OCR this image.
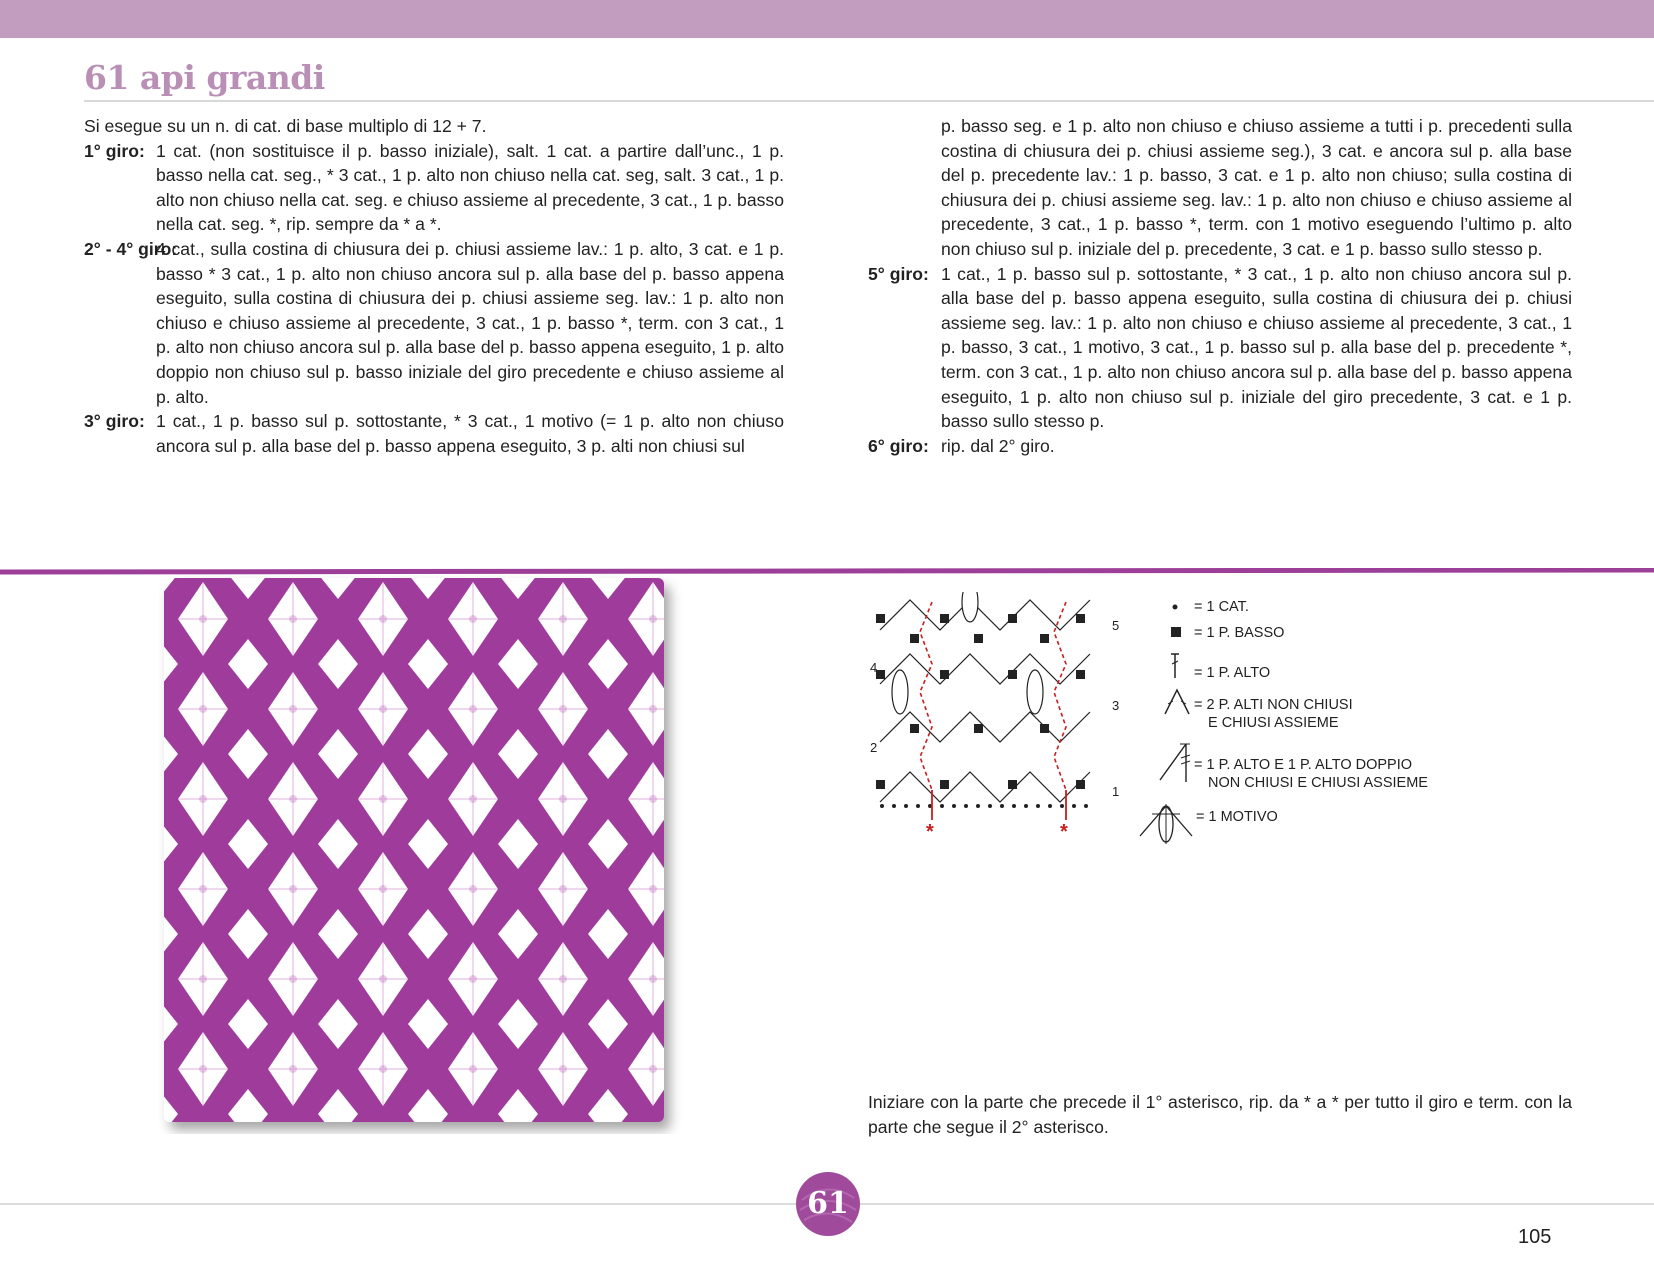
61 api grandi

Si esegue su un n. di cat. di base multiplo di 12 + 7.

1° giro: 1 cat. (non sostituisce il p. basso iniziale), salt. 1 cat. a partire dall’unc., 1 p. basso nella cat. seg., * 3 cat., 1 p. alto non chiuso nella cat. seg, salt. 3 cat., 1 p. alto non chiuso nella cat. seg. e chiuso assieme al precedente, 3 cat., 1 p. basso nella cat. seg. *, rip. sempre da * a *.
2° - 4° giro:
4 cat., sulla costina di chiusura dei p. chiusi assieme lav.: 1 p. alto, 3 cat. e 1 p. basso * 3 cat., 1 p. alto non chiuso ancora sul p. alla base del p. basso appena eseguito, sulla costina di chiusura dei p. chiusi assieme seg. lav.: 1 p. alto non chiuso e chiuso assieme al precedente, 3 cat., 1 p. basso *, term. con 3 cat., 1 p. alto non chiuso ancora sul p. alla base del p. basso appena eseguito, 1 p. alto doppio non chiuso sul p. basso iniziale del giro precedente e chiuso assieme al p. alto.
3° giro: 1 cat., 1 p. basso sul p. sottostante, * 3 cat., 1 motivo (= 1 p. alto non chiuso ancora sul p. alla base del p. basso appena eseguito, 3 p. alti non chiusi sul
p. basso seg. e 1 p. alto non chiuso e chiuso assieme a tutti i p. precedenti sulla costina di chiusura dei p. chiusi assieme seg.), 3 cat. e ancora sul p. alla base del p. precedente lav.: 1 p. basso, 3 cat. e 1 p. alto non chiuso; sulla costina di chiusura dei p. chiusi assieme seg. lav.: 1 p. alto non chiuso e chiuso assieme al precedente, 3 cat., 1 p. basso *, term. con 1 motivo eseguendo l’ultimo p. alto non chiuso sul p. iniziale del p. precedente, 3 cat. e 1 p. basso sullo stesso p.
5° giro: 1 cat., 1 p. basso sul p. sottostante, * 3 cat., 1 p. alto non chiuso ancora sul p. alla base del p. basso appena eseguito, sulla costina di chiusura dei p. chiusi assieme seg. lav.: 1 p. alto non chiuso e chiuso assieme al precedente, 3 cat., 1 p. basso, 3 cat., 1 motivo, 3 cat., 1 p. basso sul p. alla base del p. precedente *, term. con 3 cat., 1 p. alto non chiuso ancora sul p. alla base del p. basso appena eseguito, 1 p. alto non chiuso sul p. iniziale del giro precedente, 3 cat. e 1 p. basso sullo stesso p.
6° giro: rip. dal 2° giro.
*	*
5
4
3
2
1
= 1 CAT.
= 1 P. BASSO
= 1 P. ALTO
= 2 P. ALTI NON CHIUSI
E CHIUSI ASSIEME
= 1 P. ALTO E 1 P. ALTO DOPPIO
NON CHIUSI E CHIUSI ASSIEME
= 1 MOTIVO
Iniziare con la parte che precede il 1° asterisco, rip. da * a * per tutto il giro e term. con la parte che segue il 2° asterisco.
61
105
